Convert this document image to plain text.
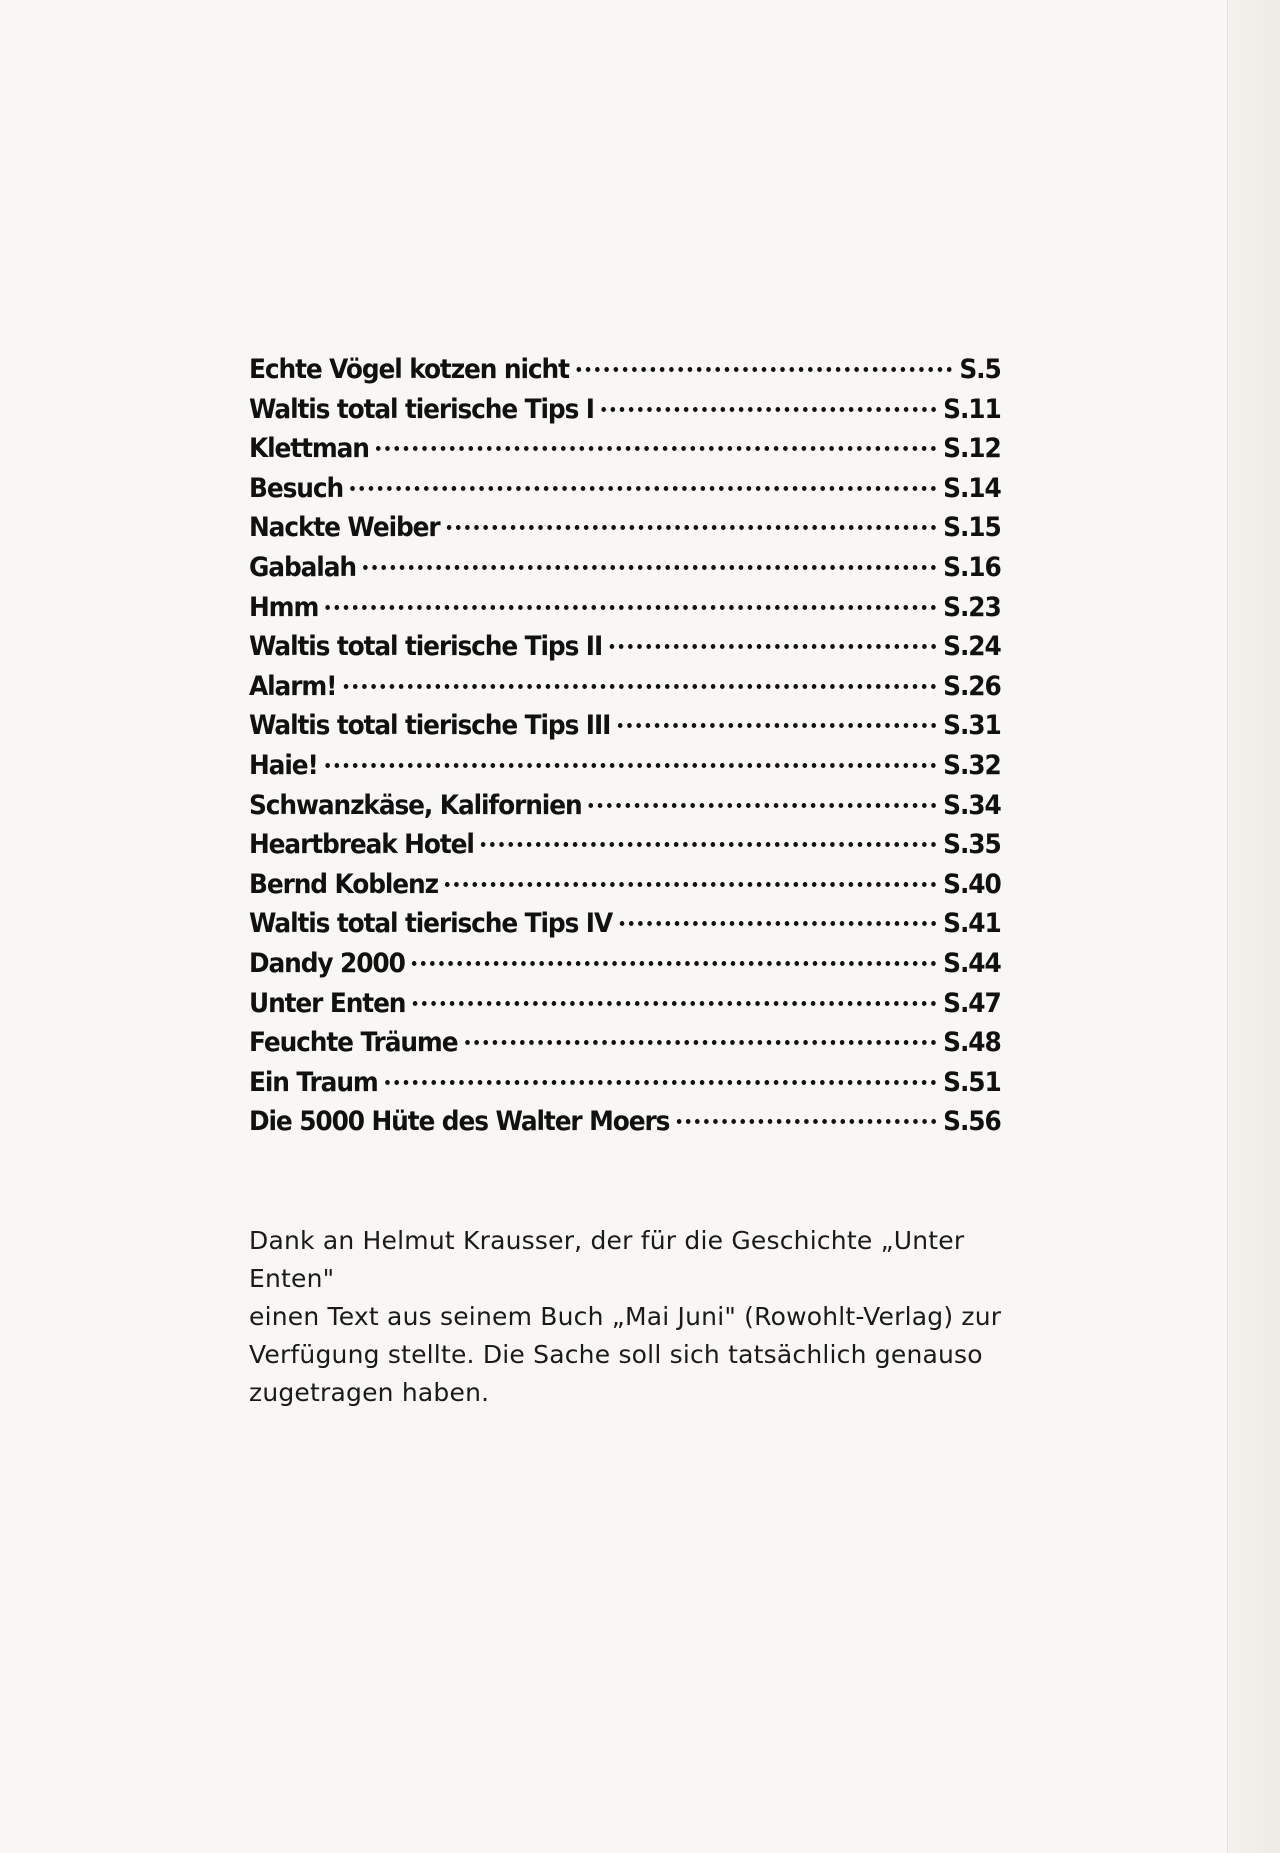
Echte Vögel kotzen nicht	S.5
Waltis total tierische Tips I	S.11
Klettman	S.12
Besuch	S.14
Nackte Weiber	S.15
Gabalah	S.16
Hmm	S.23
Waltis total tierische Tips II	S.24
Alarm!	S.26
Waltis total tierische Tips III	S.31
Haie!	S.32
Schwanzkäse, Kalifornien	S.34
Heartbreak Hotel	S.35
Bernd Koblenz	S.40
Waltis total tierische Tips IV	S.41
Dandy 2000	S.44
Unter Enten	S.47
Feuchte Träume	S.48
Ein Traum	S.51
Die 5000 Hüte des Walter Moers	S.56
Dank an Helmut Krausser, der für die Geschichte „Unter Enten"
einen Text aus seinem Buch „Mai Juni" (Rowohlt-Verlag) zur
Verfügung stellte. Die Sache soll sich tatsächlich genauso
zugetragen haben.
